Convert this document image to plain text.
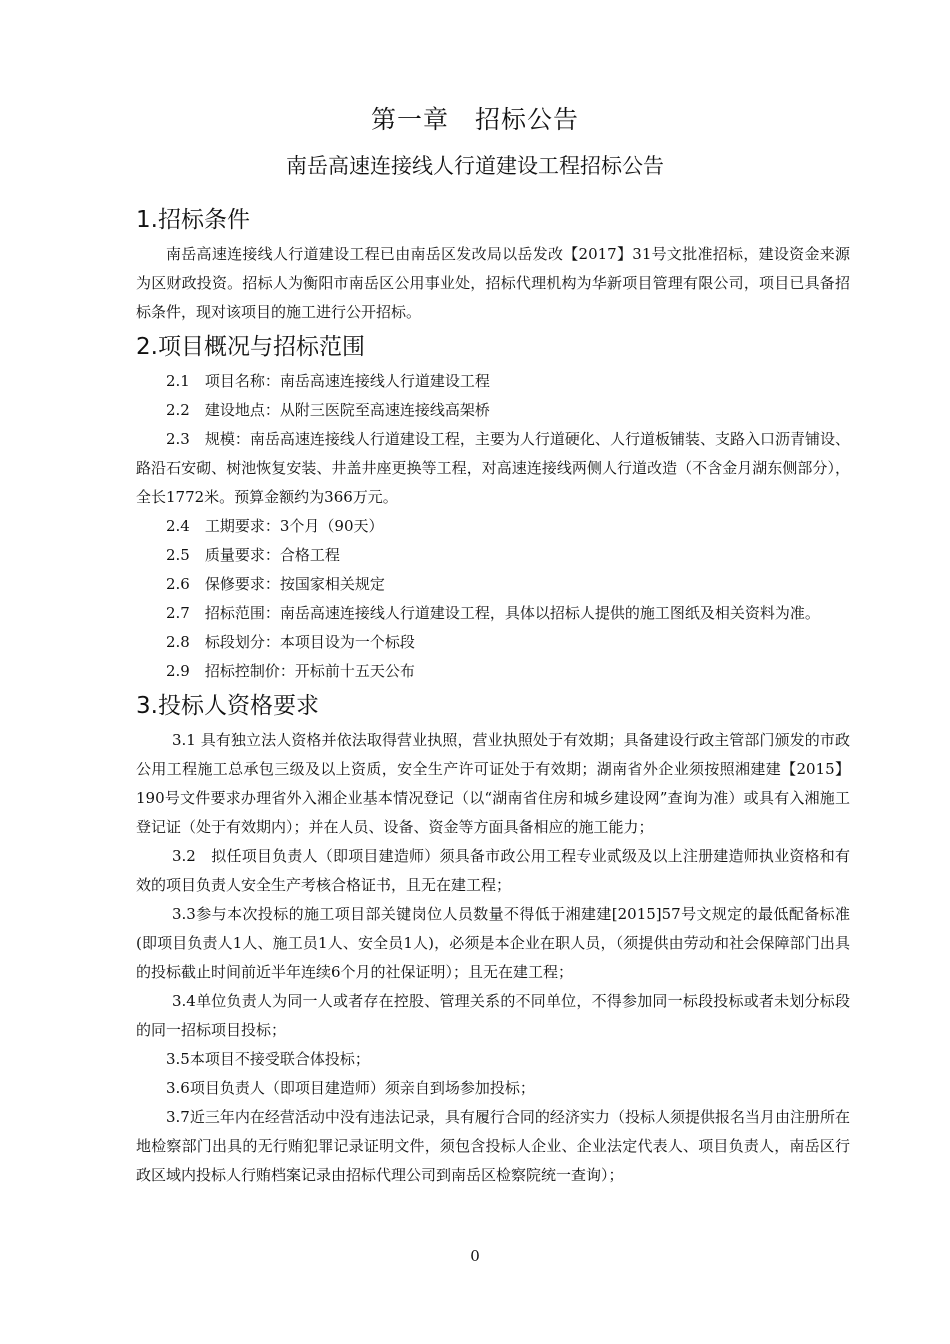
第一章　招标公告
南岳高速连接线人行道建设工程招标公告
1.招标条件

南岳高速连接线人行道建设工程已由南岳区发改局以岳发改【2017】31号文批准招标，建设资金来源为区财政投资。招标人为衡阳市南岳区公用事业处，招标代理机构为华新项目管理有限公司，项目已具备招标条件，现对该项目的施工进行公开招标。

2.项目概况与招标范围

2.1　项目名称：南岳高速连接线人行道建设工程

2.2　建设地点：从附三医院至高速连接线高架桥

2.3　规模：南岳高速连接线人行道建设工程，主要为人行道硬化、人行道板铺装、支路入口沥青铺设、路沿石安砌、树池恢复安装、井盖井座更换等工程，对高速连接线两侧人行道改造（不含金月湖东侧部分），全长1772米。预算金额约为366万元。

2.4　工期要求：3个月（90天）

2.5　质量要求：合格工程

2.6　保修要求：按国家相关规定

2.7　招标范围：南岳高速连接线人行道建设工程，具体以招标人提供的施工图纸及相关资料为准。

2.8　标段划分：本项目设为一个标段

2.9　招标控制价：开标前十五天公布

3.投标人资格要求

3.1 具有独立法人资格并依法取得营业执照，营业执照处于有效期；具备建设行政主管部门颁发的市政公用工程施工总承包三级及以上资质，安全生产许可证处于有效期；湖南省外企业须按照湘建建【2015】190号文件要求办理省外入湘企业基本情况登记（以“湖南省住房和城乡建设网”查询为准）或具有入湘施工登记证（处于有效期内）；并在人员、设备、资金等方面具备相应的施工能力；

3.2　拟任项目负责人（即项目建造师）须具备市政公用工程专业贰级及以上注册建造师执业资格和有效的项目负责人安全生产考核合格证书，且无在建工程；

3.3参与本次投标的施工项目部关键岗位人员数量不得低于湘建建[2015]57号文规定的最低配备标准(即项目负责人1人、施工员1人、安全员1人)，必须是本企业在职人员，（须提供由劳动和社会保障部门出具的投标截止时间前近半年连续6个月的社保证明）；且无在建工程；

3.4单位负责人为同一人或者存在控股、管理关系的不同单位，不得参加同一标段投标或者未划分标段的同一招标项目投标；

3.5本项目不接受联合体投标；

3.6项目负责人（即项目建造师）须亲自到场参加投标；

3.7近三年内在经营活动中没有违法记录，具有履行合同的经济实力（投标人须提供报名当月由注册所在地检察部门出具的无行贿犯罪记录证明文件，须包含投标人企业、企业法定代表人、项目负责人，南岳区行政区域内投标人行贿档案记录由招标代理公司到南岳区检察院统一查询）；

0
